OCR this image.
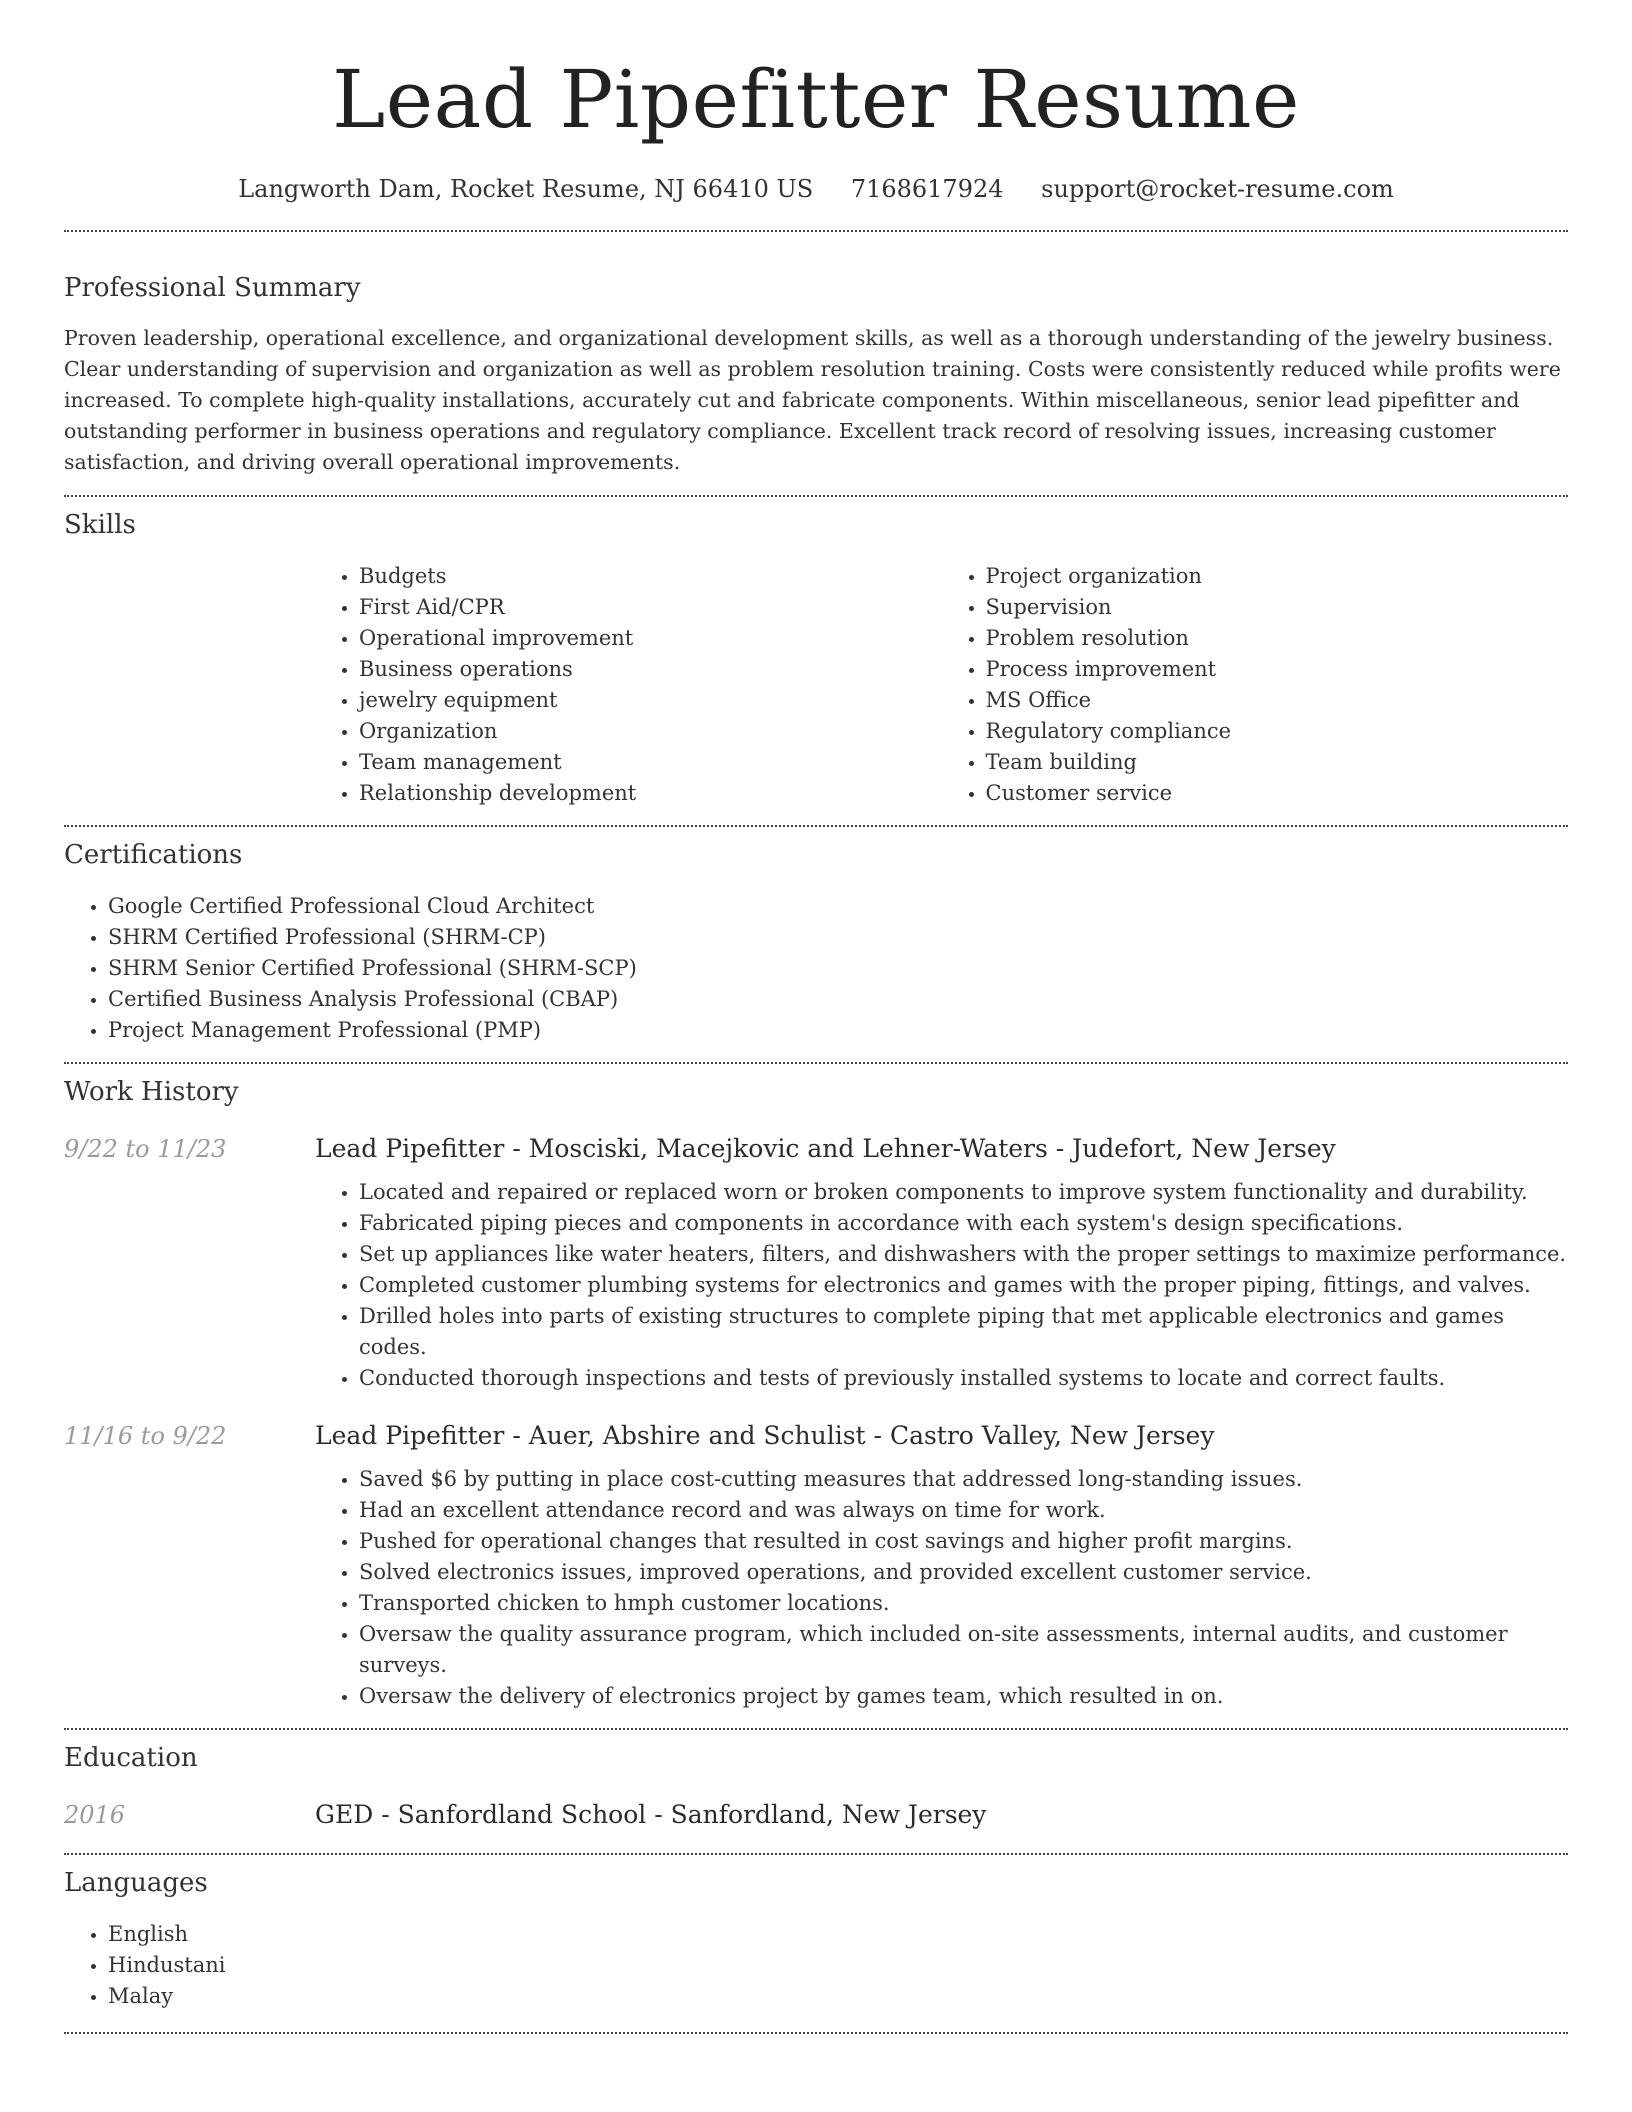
Lead Pipefitter Resume
Langworth Dam, Rocket Resume, NJ 66410 US 7168617924 support@rocket-resume.com
Professional Summary

Proven leadership, operational excellence, and organizational development skills, as well as a thorough understanding of the jewelry business. Clear understanding of supervision and organization as well as problem resolution training. Costs were consistently reduced while profits were increased. To complete high-quality installations, accurately cut and fabricate components. Within miscellaneous, senior lead pipefitter and outstanding performer in business operations and regulatory compliance. Excellent track record of resolving issues, increasing customer satisfaction, and driving overall operational improvements.

Skills
• Budgets
• First Aid/CPR
• Operational improvement
• Business operations
• jewelry equipment
• Organization
• Team management
• Relationship development
• Project organization
• Supervision
• Problem resolution
• Process improvement
• MS Office
• Regulatory compliance
• Team building
• Customer service
Certifications
• Google Certified Professional Cloud Architect
• SHRM Certified Professional (SHRM-CP)
• SHRM Senior Certified Professional (SHRM-SCP)
• Certified Business Analysis Professional (CBAP)
• Project Management Professional (PMP)
Work History
9/22 to 11/23	Lead Pipefitter - Mosciski, Macejkovic and Lehner-Waters - Judefort, New Jersey
• Located and repaired or replaced worn or broken components to improve system functionality and durability.
• Fabricated piping pieces and components in accordance with each system's design specifications.
• Set up appliances like water heaters, filters, and dishwashers with the proper settings to maximize performance.
• Completed customer plumbing systems for electronics and games with the proper piping, fittings, and valves.
• Drilled holes into parts of existing structures to complete piping that met applicable electronics and games codes.
• Conducted thorough inspections and tests of previously installed systems to locate and correct faults.
11/16 to 9/22	Lead Pipefitter - Auer, Abshire and Schulist - Castro Valley, New Jersey
• Saved $6 by putting in place cost-cutting measures that addressed long-standing issues.
• Had an excellent attendance record and was always on time for work.
• Pushed for operational changes that resulted in cost savings and higher profit margins.
• Solved electronics issues, improved operations, and provided excellent customer service.
• Transported chicken to hmph customer locations.
• Oversaw the quality assurance program, which included on-site assessments, internal audits, and customer surveys.
• Oversaw the delivery of electronics project by games team, which resulted in on.
Education
2016	GED - Sanfordland School - Sanfordland, New Jersey
Languages
• English
• Hindustani
• Malay
